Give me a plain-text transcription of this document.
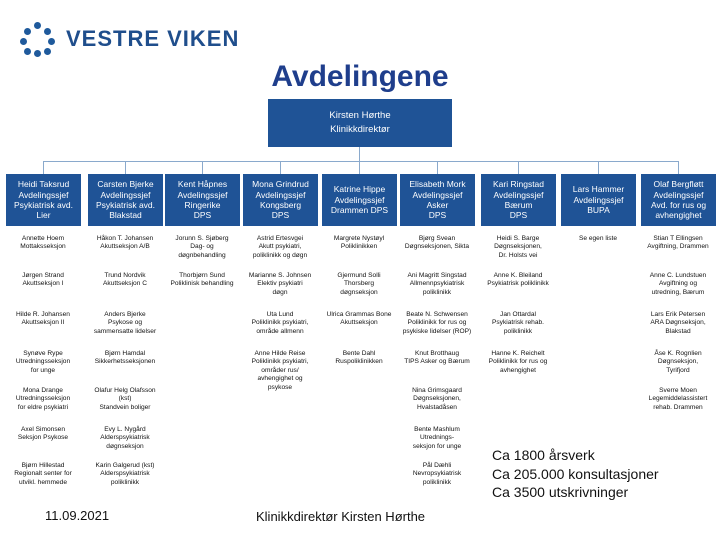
VESTRE VIKEN
Avdelingene
Kirsten Hørthe
Klinikkdirektør
Heidi Taksrud
Avdelingssjef
Psykiatrisk avd.
Lier
Annette Hoem
Mottaksseksjon
Jørgen Strand
Akuttseksjon I
Hilde R. Johansen
Akuttseksjon II
Synøve Rype
Utredningsseksjon
for unge
Mona Drange
Utredningsseksjon
for eldre psykiatri
Axel Simonsen
Seksjon Psykose
Bjørn Hillestad
Regionalt senter for
utvikl. hemmede
Carsten Bjerke
Avdelingssjef
Psykiatrisk avd.
Blakstad
Håkon T. Johansen
Akuttseksjon A/B
Trund Nordvik
Akuttseksjon C
Anders Bjerke
Psykose og
sammensatte lidelser
Bjørn Hamdal
Sikkerhetsseksjonen
Olafur Helg Olafsson
(kst)
Standvein boliger
Evy L. Nygård
Alderspsykiatrisk
døgnseksjon
Karin Galgerud (kst)
Alderspsykiatrisk
poliklinikk
Kent Håpnes
Avdelingssjef
Ringerike
DPS
Jorunn S. Sjøberg
Dag- og
døgnbehandling
Thorbjørn Sund
Poliklinisk behandling
Mona Grindrud
Avdelingssjef
Kongsberg
DPS
Astrid Ertesvgei
Akutt psykiatri,
poliklinikk og døgn
Marianne S. Johnsen
Elektiv psykiatri
døgn
Uta Lund
Poliklinikk psykiatri,
område allmenn
Anne Hilde Reise
Poliklinikk psykiatri,
områder rus/
avhengighet og
psykose
Katrine Hippe
Avdelingssjef
Drammen DPS
Margrete Nystøyl
Poliklinikken
Gjermund Solli
Thorsberg
døgnseksjon
Ulrica Grammas Bone
Akuttseksjon
Bente Dahl
Ruspoliklinikken
Elisabeth Mork
Avdelingssjef
Asker
DPS
Bjørg Svean
Døgnseksjonen, Sikta
Ani Magritt Singstad
Allmennpsykiatrisk
poliklinikk
Beate N. Schwensen
Poliklinikk for rus og
psykiske lidelser (ROP)
Knut Brotthaug
TIPS Asker og Bærum
Nina Grimsgaard
Døgnseksjonen,
Hvalstadåsen
Bente Mashlum
Utrednings-
seksjon for unge
Pål Dæhli
Nevropsykiatrisk
poliklinikk
Kari Ringstad
Avdelingssjef
Bærum
DPS
Heidi S. Barge
Døgnseksjonen,
Dr. Holsts vei
Anne K. Bleiland
Psykiatrisk poliklinikk
Jan Ottardal
Psykiatrisk rehab.
poliklinikk
Hanne K. Reichelt
Poliklinikk for rus og
avhengighet
Lars Hammer
Avdelingssjef
BUPA
Se egen liste
Olaf Bergfløtt
Avdelingssjef
Avd. for rus og
avhengighet
Stian T Ellingsen
Avgiftning, Drammen
Anne C. Lundstuen
Avgiftning og
utredning, Bærum
Lars Erik Petersen
ARA Døgnseksjon,
Blakstad
Åse K. Rognlien
Døgnseksjon,
Tyrifjord
Sverre Moen
Legemiddelassistert
rehab. Drammen
11.09.2021	Klinikkdirektør Kirsten Hørthe
Ca 1800 årsverk
Ca 205.000 konsultasjoner
Ca 3500 utskrivninger
